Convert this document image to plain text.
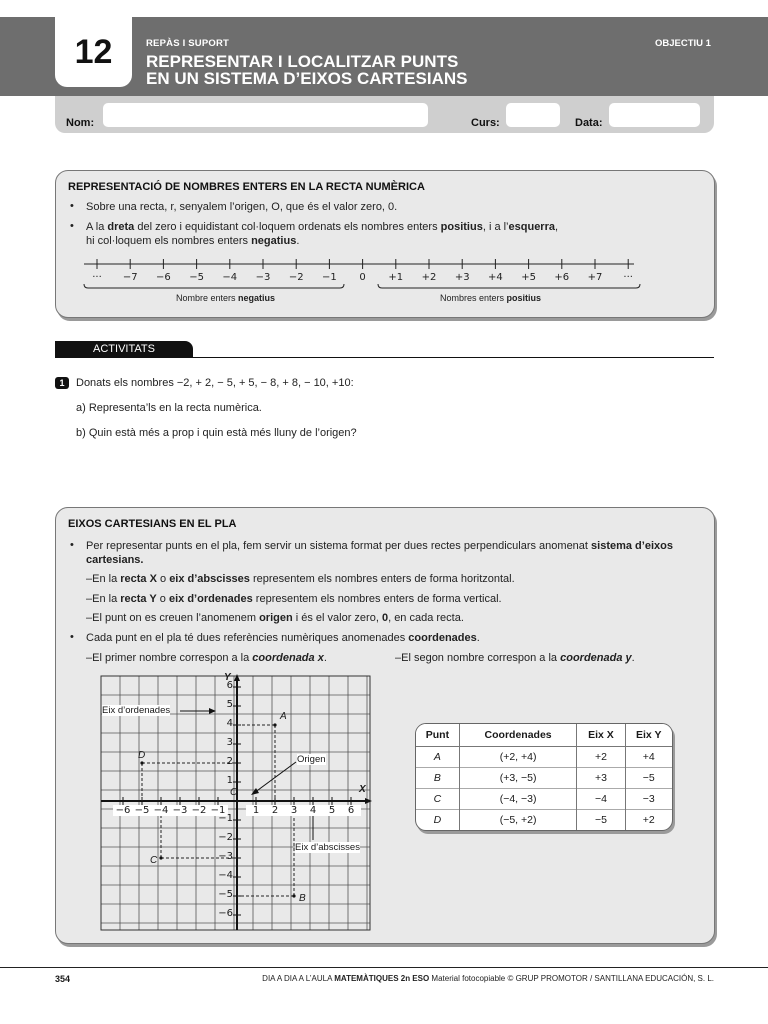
12	REPÀS I SUPORT	OBJECTIU 1
REPRESENTAR I LOCALITZAR PUNTS
EN UN SISTEMA D’EIXOS CARTESIANS
Nom:	Curs:	Data:
REPRESENTACIÓ DE NOMBRES ENTERS EN LA RECTA NUMÈRICA
• Sobre una recta, r, senyalem l’origen, O, que és el valor zero, 0.
• A la dreta del zero i equidistant col·loquem ordenats els nombres enters positius, i a l’esquerra,
hi col·loquem els nombres enters negatius.
···	−7	−6	−5	−4	−3	−2	−1	0	+1	+2	+3	+4	+5	+6	+7	···
Nombre enters negatius	Nombres enters positius
ACTIVITATS
1	Donats els nombres −2, + 2, − 5, + 5, − 8, + 8, − 10, +10:
a) Representa’ls en la recta numèrica.
b) Quin està més a prop i quin està més lluny de l’origen?
EIXOS CARTESIANS EN EL PLA
• Per representar punts en el pla, fem servir un sistema format per dues rectes perpendiculars anomenat sistema d’eixos
cartesians.
–En la recta X o eix d’abscisses representem els nombres enters de forma horitzontal.
–En la recta Y o eix d’ordenades representem els nombres enters de forma vertical.
–El punt on es creuen l’anomenem origen i és el valor zero, 0, en cada recta.
• Cada punt en el pla té dues referències numèriques anomenades coordenades.
–El primer nombre correspon a la coordenada x.	–El segon nombre correspon a la coordenada y.
−6 −5 −4 −3 −2 −1	1	2	3	4	5	6
6
5
4
3
2
1
−1
−2
−3
−4
−5
−6
X
Y
O
A
B
C
D
Eix d’ordenades
Origen
Eix d’abscisses
Punt	Coordenades	Eix X	Eix Y
A	(+2, +4)	+2	+4
B	(+3, −5)	+3	−5
C	(−4, −3)	−4	−3
D	(−5, +2)	−5	+2
354	DIA A DIA A L’AULA MATEMÀTIQUES 2n ESO Material fotocopiable © GRUP PROMOTOR / SANTILLANA EDUCACIÓN, S. L.
